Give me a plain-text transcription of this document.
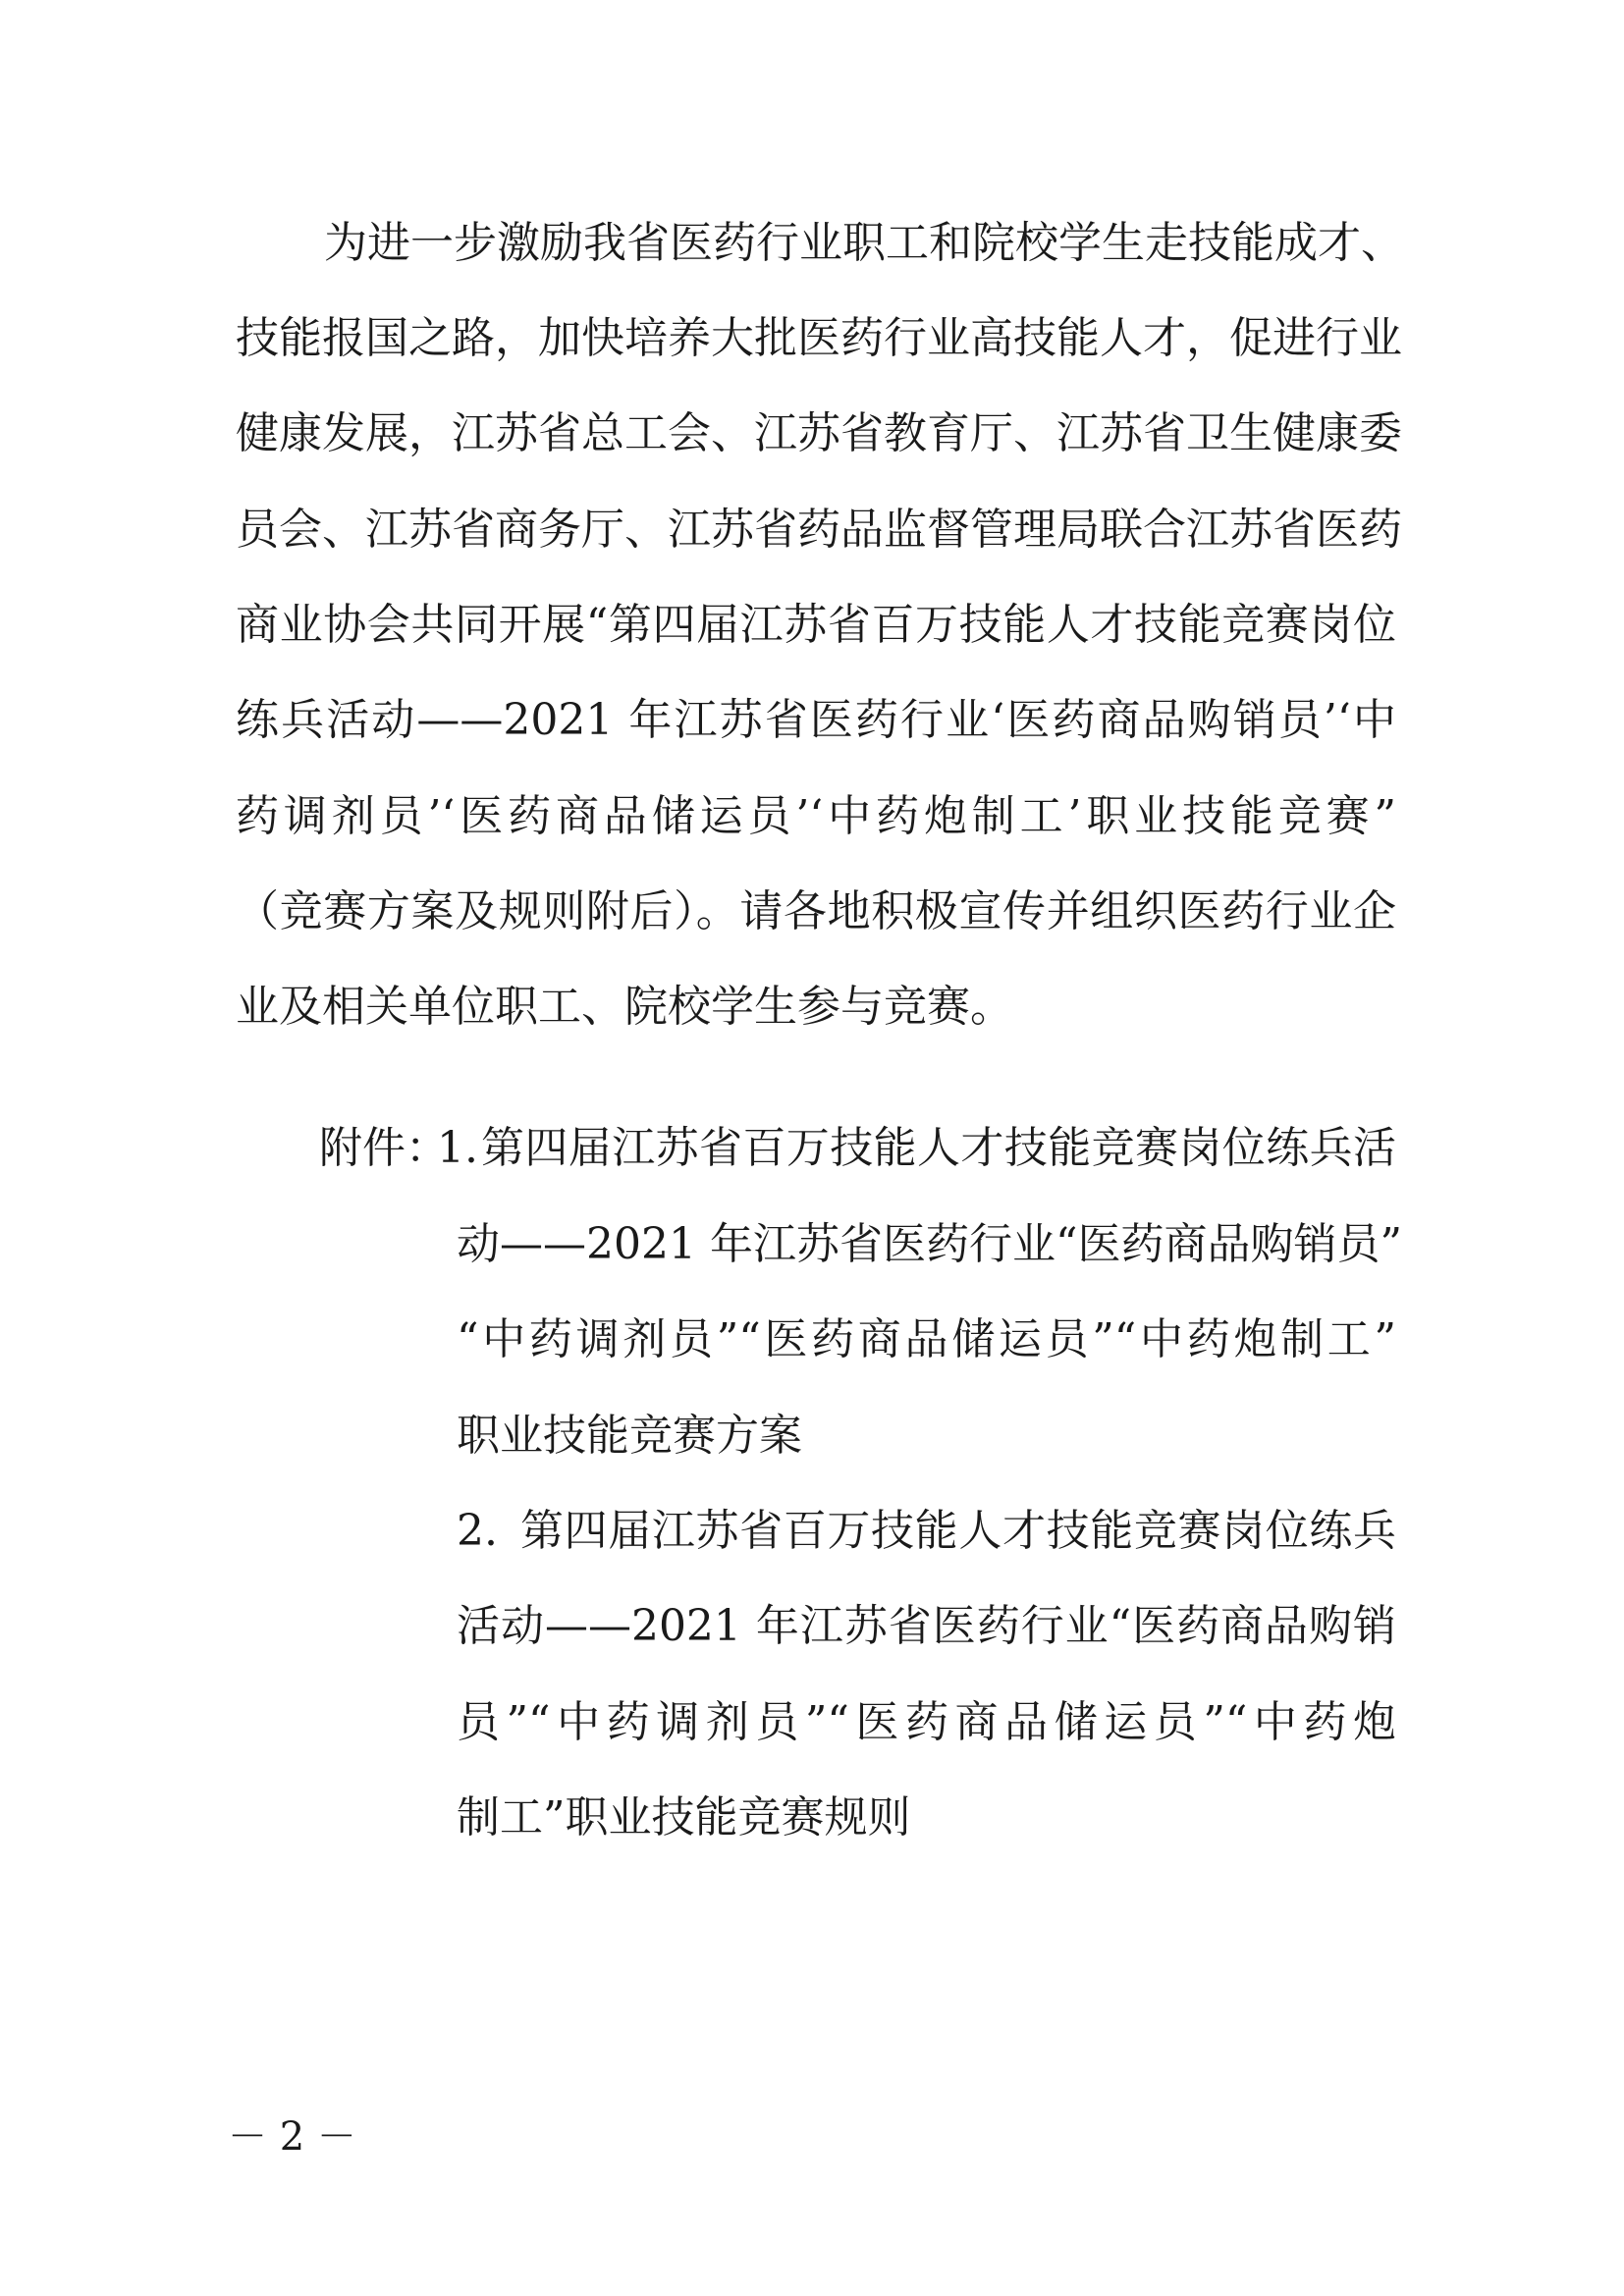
为进一步激励我省医药行业职工和院校学生走技能成才、
技能报国之路，加快培养大批医药行业高技能人才，促进行业
健康发展，江苏省总工会、江苏省教育厅、江苏省卫生健康委
员会、江苏省商务厅、江苏省药品监督管理局联合江苏省医药
商业协会共同开展“第四届江苏省百万技能人才技能竞赛岗位
练兵活动——2021 年江苏省医药行业‘医药商品购销员’‘中
药调剂员’‘医药商品储运员’‘中药炮制工’职业技能竞赛”
（竞赛方案及规则附后）。请各地积极宣传并组织医药行业企
业及相关单位职工、院校学生参与竞赛。
附件：
1. 第四届江苏省百万技能人才技能竞赛岗位练兵活
动——2021 年江苏省医药行业“医药商品购销员”
“中药调剂员”“医药商品储运员”“中药炮制工”
职业技能竞赛方案
2. 第四届江苏省百万技能人才技能竞赛岗位练兵
活动——2021 年江苏省医药行业“医药商品购销
员”“中药调剂员”“医药商品储运员”“中药炮
制工”职业技能竞赛规则
－ 2 －
